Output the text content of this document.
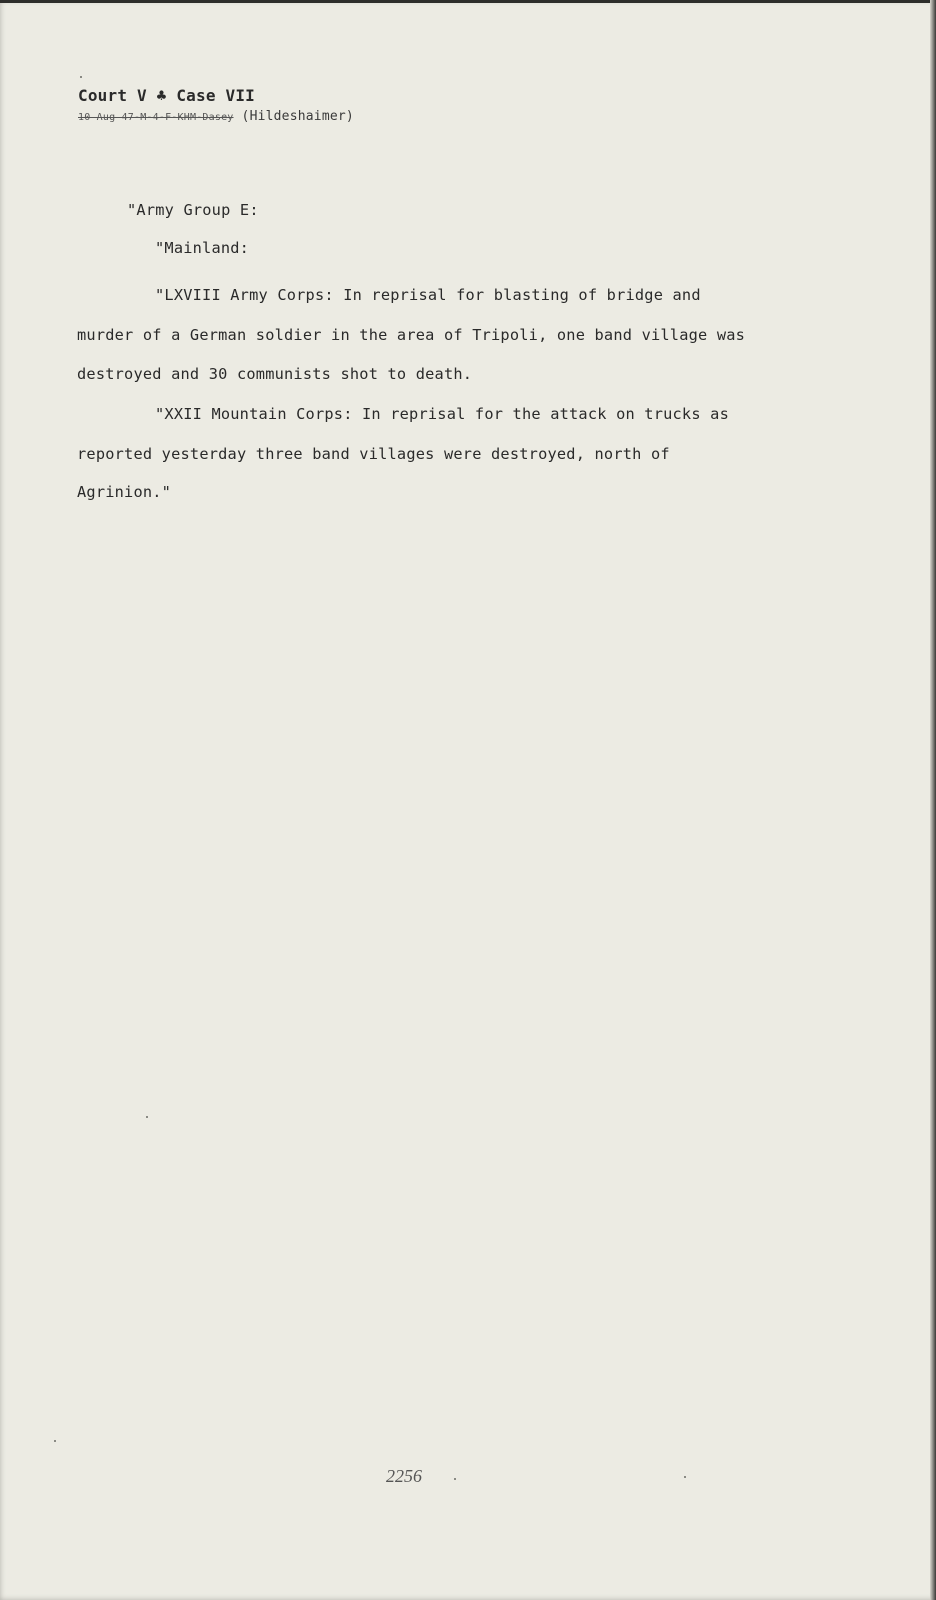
Court V ♣ Case VII
10 Aug 47-M-4-F-KHM-Dasey (Hildeshaimer)
"Army Group E:
"Mainland:
"LXVIII Army Corps: In reprisal for blasting of bridge and
murder of a German soldier in the area of Tripoli, one band village was
destroyed and 30 communists shot to death.
"XXII Mountain Corps: In reprisal for the attack on trucks as
reported yesterday three band villages were destroyed, north of
Agrinion."
2256
